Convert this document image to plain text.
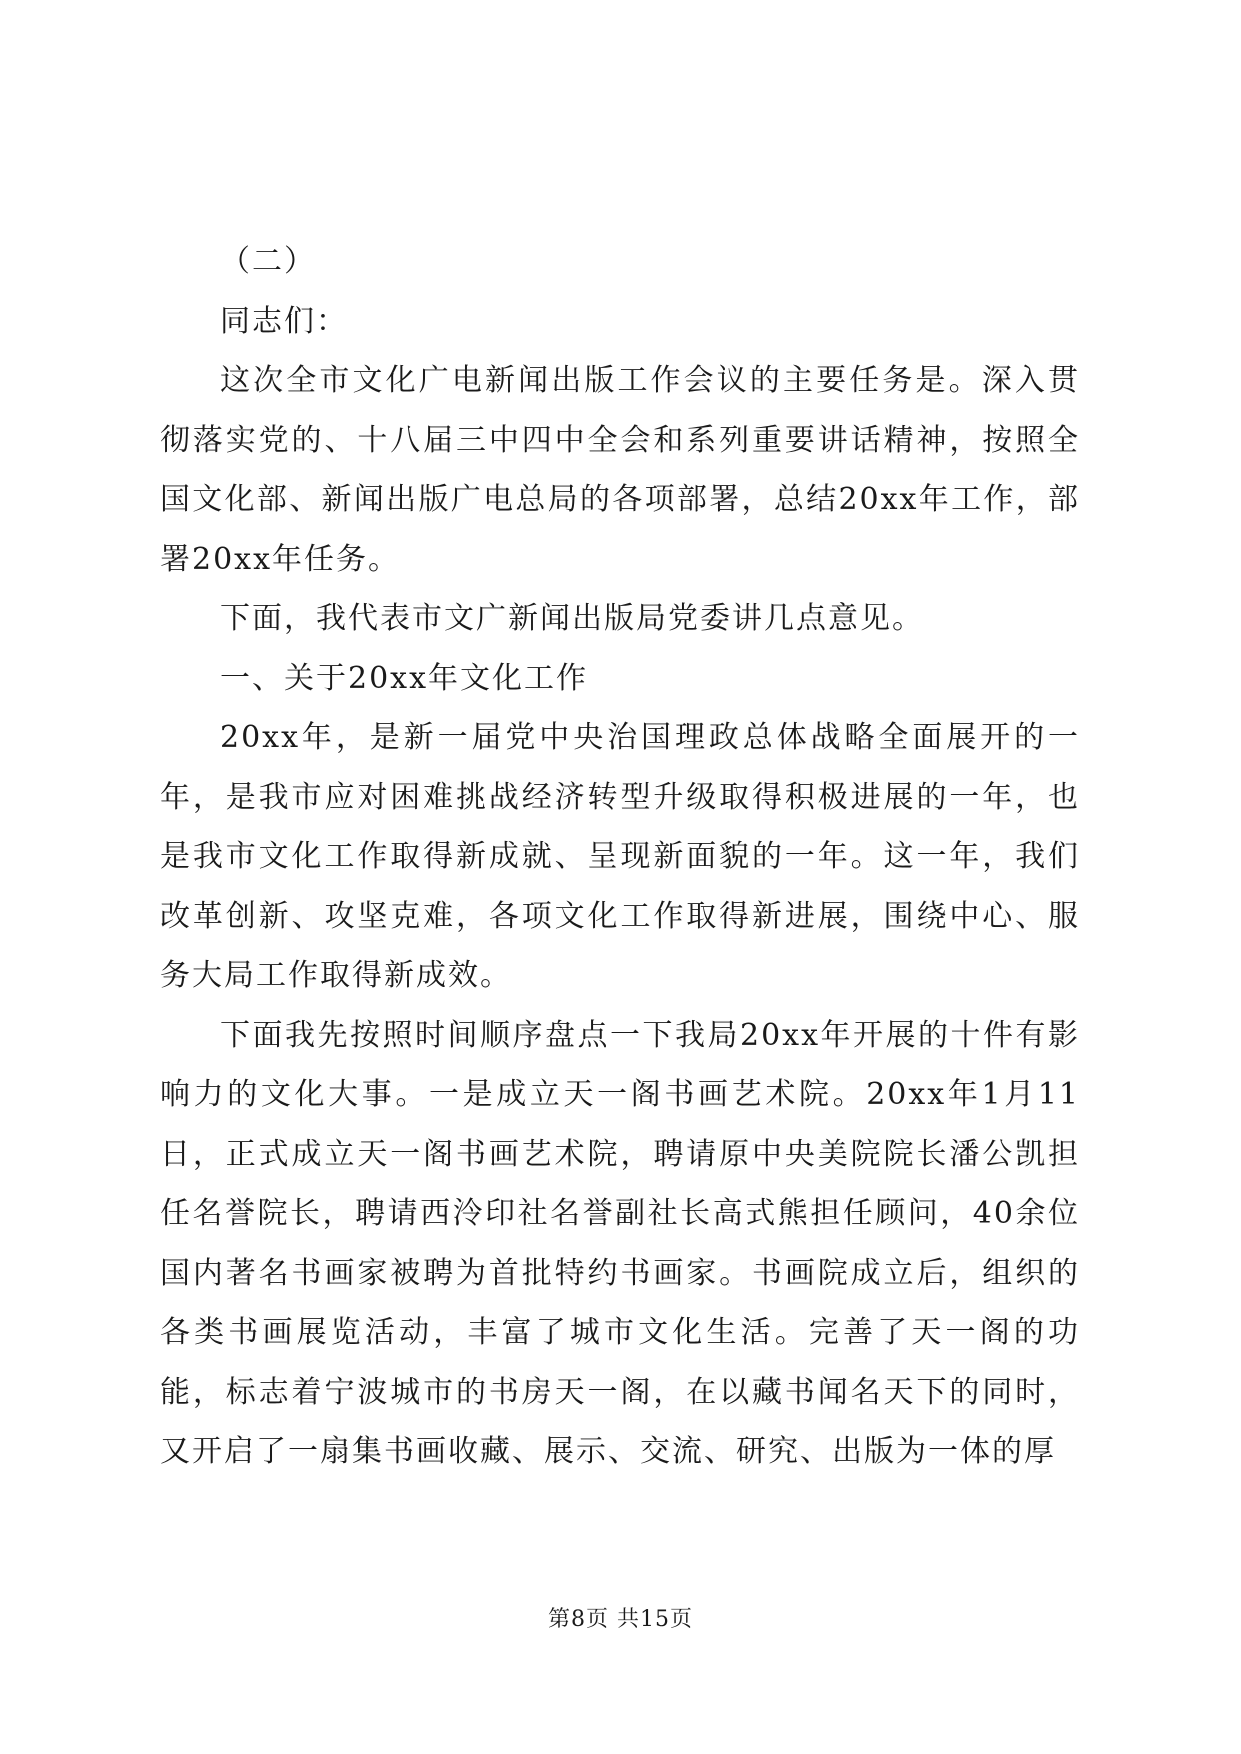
（二）

同志们：

这次全市文化广电新闻出版工作会议的主要任务是。深入贯彻落实党的、十八届三中四中全会和系列重要讲话精神，按照全国文化部、新闻出版广电总局的各项部署，总结20xx年工作，部署20xx年任务。

下面，我代表市文广新闻出版局党委讲几点意见。

一、关于20xx年文化工作

20xx年，是新一届党中央治国理政总体战略全面展开的一年，是我市应对困难挑战经济转型升级取得积极进展的一年，也是我市文化工作取得新成就、呈现新面貌的一年。这一年，我们改革创新、攻坚克难，各项文化工作取得新进展，围绕中心、服务大局工作取得新成效。

下面我先按照时间顺序盘点一下我局20xx年开展的十件有影响力的文化大事。一是成立天一阁书画艺术院。20xx年1月11日，正式成立天一阁书画艺术院，聘请原中央美院院长潘公凯担任名誉院长，聘请西泠印社名誉副社长高式熊担任顾问，40余位国内著名书画家被聘为首批特约书画家。书画院成立后，组织的各类书画展览活动，丰富了城市文化生活。完善了天一阁的功能，标志着宁波城市的书房天一阁，在以藏书闻名天下的同时，又开启了一扇集书画收藏、展示、交流、研究、出版为一体的厚

第8页 共15页
